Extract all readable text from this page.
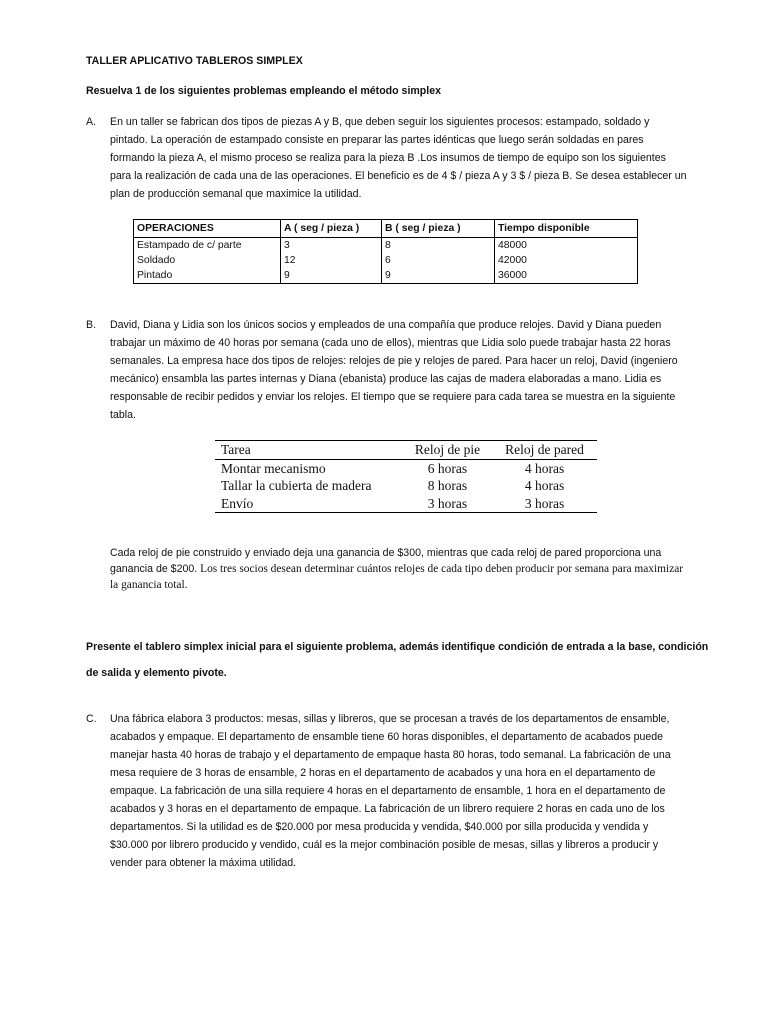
TALLER APLICATIVO TABLEROS SIMPLEX
Resuelva 1 de los siguientes problemas empleando el método simplex
A. En un taller se fabrican dos tipos de piezas A y B, que deben seguir los siguientes procesos: estampado, soldado y
pintado. La operación de estampado consiste en preparar las partes idénticas que luego serán soldadas en pares
formando la pieza A, el mismo proceso se realiza para la pieza B .Los insumos de tiempo de equipo son los siguientes
para la realización de cada una de las operaciones. El beneficio es de 4 $ / pieza A y 3 $ / pieza B. Se desea establecer un
plan de producción semanal que maximice la utilidad.
OPERACIONES	A ( seg / pieza )	B ( seg / pieza )	Tiempo disponible
Estampado de c/ parte	3	8	48000
Soldado	12	6	42000
Pintado	9	9	36000
B. David, Diana y Lidia son los únicos socios y empleados de una compañía que produce relojes. David y Diana pueden
trabajar un máximo de 40 horas por semana (cada uno de ellos), mientras que Lidia solo puede trabajar hasta 22 horas
semanales. La empresa hace dos tipos de relojes: relojes de pie y relojes de pared. Para hacer un reloj, David (ingeniero
mecánico) ensambla las partes internas y Diana (ebanista) produce las cajas de madera elaboradas a mano. Lidia es
responsable de recibir pedidos y enviar los relojes. El tiempo que se requiere para cada tarea se muestra en la siguiente
tabla.
Tarea	Reloj de pie	Reloj de pared
Montar mecanismo	6 horas	4 horas
Tallar la cubierta de madera	8 horas	4 horas
Envío	3 horas	3 horas
Cada reloj de pie construido y enviado deja una ganancia de $300, mientras que cada reloj de pared proporciona una
ganancia de $200. Los tres socios desean determinar cuántos relojes de cada tipo deben producir por semana para maximizar
la ganancia total.
Presente el tablero simplex inicial para el siguiente problema, además identifique condición de entrada a la base, condición
de salida y elemento pivote.
C. Una fábrica elabora 3 productos: mesas, sillas y libreros, que se procesan a través de los departamentos de ensamble,
acabados y empaque. El departamento de ensamble tiene 60 horas disponibles, el departamento de acabados puede
manejar hasta 40 horas de trabajo y el departamento de empaque hasta 80 horas, todo semanal. La fabricación de una
mesa requiere de 3 horas de ensamble, 2 horas en el departamento de acabados y una hora en el departamento de
empaque. La fabricación de una silla requiere 4 horas en el departamento de ensamble, 1 hora en el departamento de
acabados y 3 horas en el departamento de empaque. La fabricación de un librero requiere 2 horas en cada uno de los
departamentos. Si la utilidad es de $20.000 por mesa producida y vendida, $40.000 por silla producida y vendida y
$30.000 por librero producido y vendido, cuál es la mejor combinación posible de mesas, sillas y libreros a producir y
vender para obtener la máxima utilidad.
